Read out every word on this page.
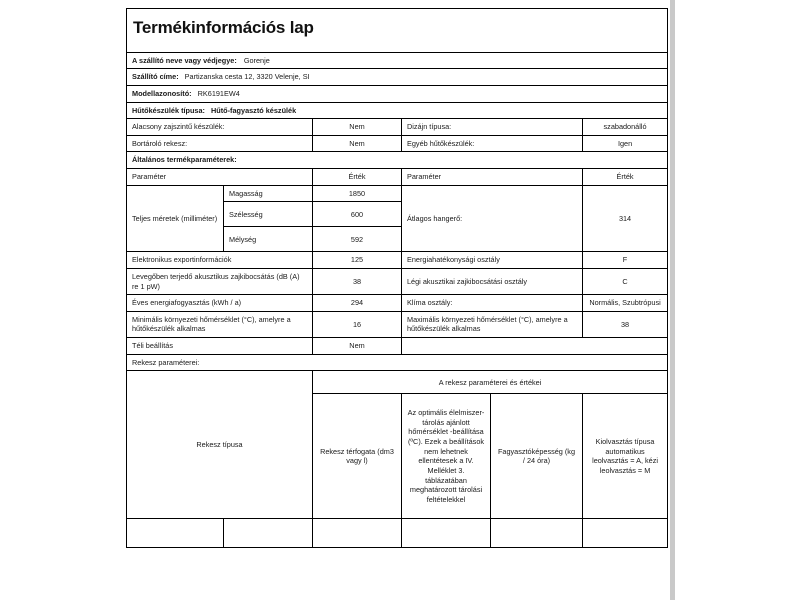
Termékinformációs lap					

A szállító neve vagy védjegye: Gorenje					
Szállító címe: Partizanska cesta 12, 3320 Velenje, SI					
Modellazonosító: RK6191EW4					
Hűtőkészülék típusa: Hűtő-fagyasztó készülék					
Alacsony zajszintű készülék:		Nem	Dizájn típusa:		szabadonálló
Bortároló rekesz:		Nem	Egyéb hűtőkészülék:		Igen
Általános termékparaméterek:					
Paraméter		Érték	Paraméter		Érték
Teljes méretek (milliméter)	Magasság	1850	Átlagos hangerő:		314
	Szélesség	600			
	Mélység	592			
Elektronikus exportinformációk		125	Energiahatékonysági osztály		F
Levegőben terjedő akusztikus zajkibocsátás (dB (A) re 1 pW)		38	Légi akusztikai zajkibocsátási osztály		C
Éves energiafogyasztás (kWh / a)		294	Klíma osztály:		Normális, Szubtrópusi
Minimális környezeti hőmérséklet (°C), amelyre a hűtőkészülék alkalmas		16	Maximális környezeti hőmérséklet (°C), amelyre a hűtőkészülék alkalmas		38
Téli beállítás		Nem			
Rekesz paraméterei:					
Rekesz típusa		A rekesz paraméterei és értékei			
		Rekesz térfogata (dm3 vagy l)	Az optimális élelmiszer-tárolás ajánlott hőmérséklet -beállítása (ºC). Ezek a beállítások nem lehetnek ellentétesek a IV. Melléklet 3. táblázatában meghatározott tárolási feltételekkel	Fagyasztóképesség (kg / 24 óra)	Kiolvasztás típusa automatikus leolvasztás = A, kézi leolvasztás = M
